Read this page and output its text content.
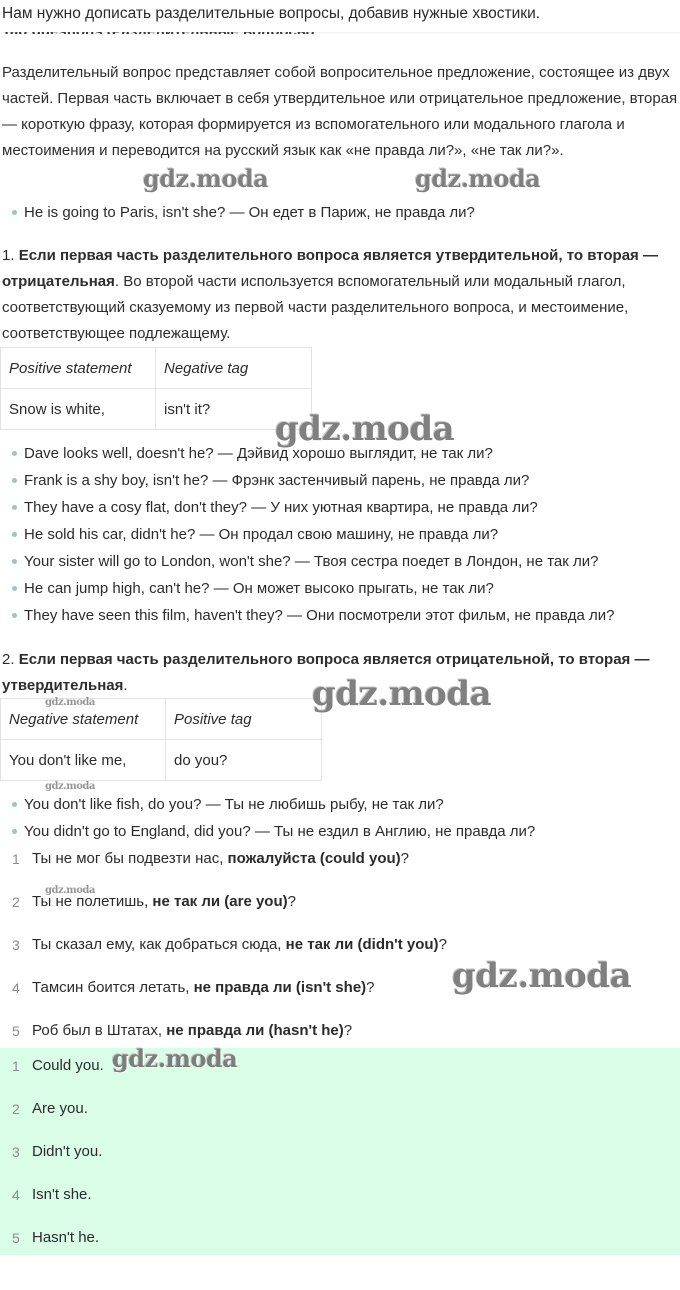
Разделительный вопрос представляет собой вопросительное предложение, состоящее из двух частей. Первая часть включает в себя утвердительное или отрицательное предложение, вторая — короткую фразу, которая формируется из вспомогательного или модального глагола и местоимения и переводится на русский язык как «не правда ли?», «не так ли?».
He is going to Paris, isn't she? — Он едет в Париж, не правда ли?
1. Если первая часть разделительного вопроса является утвердительной, то вторая — отрицательная. Во второй части используется вспомогательный или модальный глагол, соответствующий сказуемому из первой части разделительного вопроса, и местоимение, соответствующее подлежащему.
Positive statement	Negative tag
Snow is white,	isn't it?
Dave looks well, doesn't he? — Дэйвид хорошо выглядит, не так ли?
Frank is a shy boy, isn't he? — Фрэнк застенчивый парень, не правда ли?
They have a cosy flat, don't they? — У них уютная квартира, не правда ли?
He sold his car, didn't he? — Он продал свою машину, не правда ли?
Your sister will go to London, won't she? — Твоя сестра поедет в Лондон, не так ли?
He can jump high, can't he? — Он может высоко прыгать, не так ли?
They have seen this film, haven't they? — Они посмотрели этот фильм, не правда ли?
2. Если первая часть разделительного вопроса является отрицательной, то вторая — утвердительная.
Negative statement	Positive tag
You don't like me,	do you?
You don't like fish, do you? — Ты не любишь рыбу, не так ли?
You didn't go to England, did you? — Ты не ездил в Англию, не правда ли?
1 Ты не мог бы подвезти нас, пожалуйста (could you)?
2 Ты не полетишь, не так ли (are you)?
3 Ты сказал ему, как добраться сюда, не так ли (didn't you)?
4 Тамсин боится летать, не правда ли (isn't she)?
5 Роб был в Штатах, не правда ли (hasn't he)?
1 Could you.
2 Are you.
3 Didn't you.
4 Isn't she.
5 Hasn't he.
Нам нужно дописать разделительные вопросы, добавив нужные хвостики.
gdz.moda	gdz.moda
gdz.moda
gdz.moda
gdz.moda
gdz.moda
gdz.moda
gdz.moda
gdz.moda
